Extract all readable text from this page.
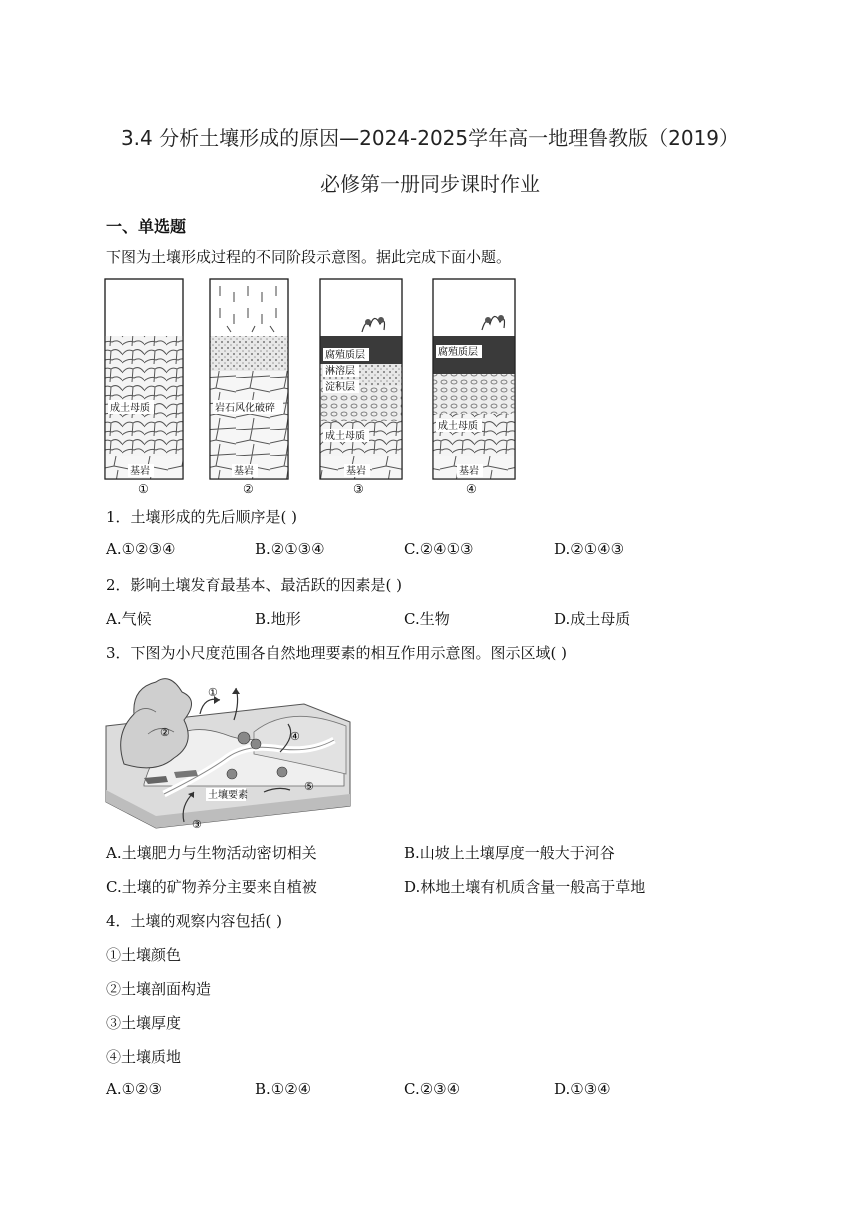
3.4 分析土壤形成的原因—2024-2025学年高一地理鲁教版（2019）
必修第一册同步课时作业
一、单选题
下图为土壤形成过程的不同阶段示意图。据此完成下面小题。
成土母质
基岩
①
岩石风化破碎
基岩
②
腐殖质层
淋溶层
淀积层
成土母质
基岩
③
腐殖质层
成土母质
基岩
④
1．土壤形成的先后顺序是( )
A.①②③④	B.②①③④	C.②④①③	D.②①④③
2．影响土壤发育最基本、最活跃的因素是( )
A.气候	B.地形	C.生物	D.成土母质
3．下图为小尺度范围各自然地理要素的相互作用示意图。图示区域( )
土壤要素
①
②
③
④
⑤
A.土壤肥力与生物活动密切相关	B.山坡上土壤厚度一般大于河谷
C.土壤的矿物养分主要来自植被	D.林地土壤有机质含量一般高于草地
4．土壤的观察内容包括( )
①土壤颜色
②土壤剖面构造
③土壤厚度
④土壤质地
A.①②③	B.①②④	C.②③④	D.①③④
